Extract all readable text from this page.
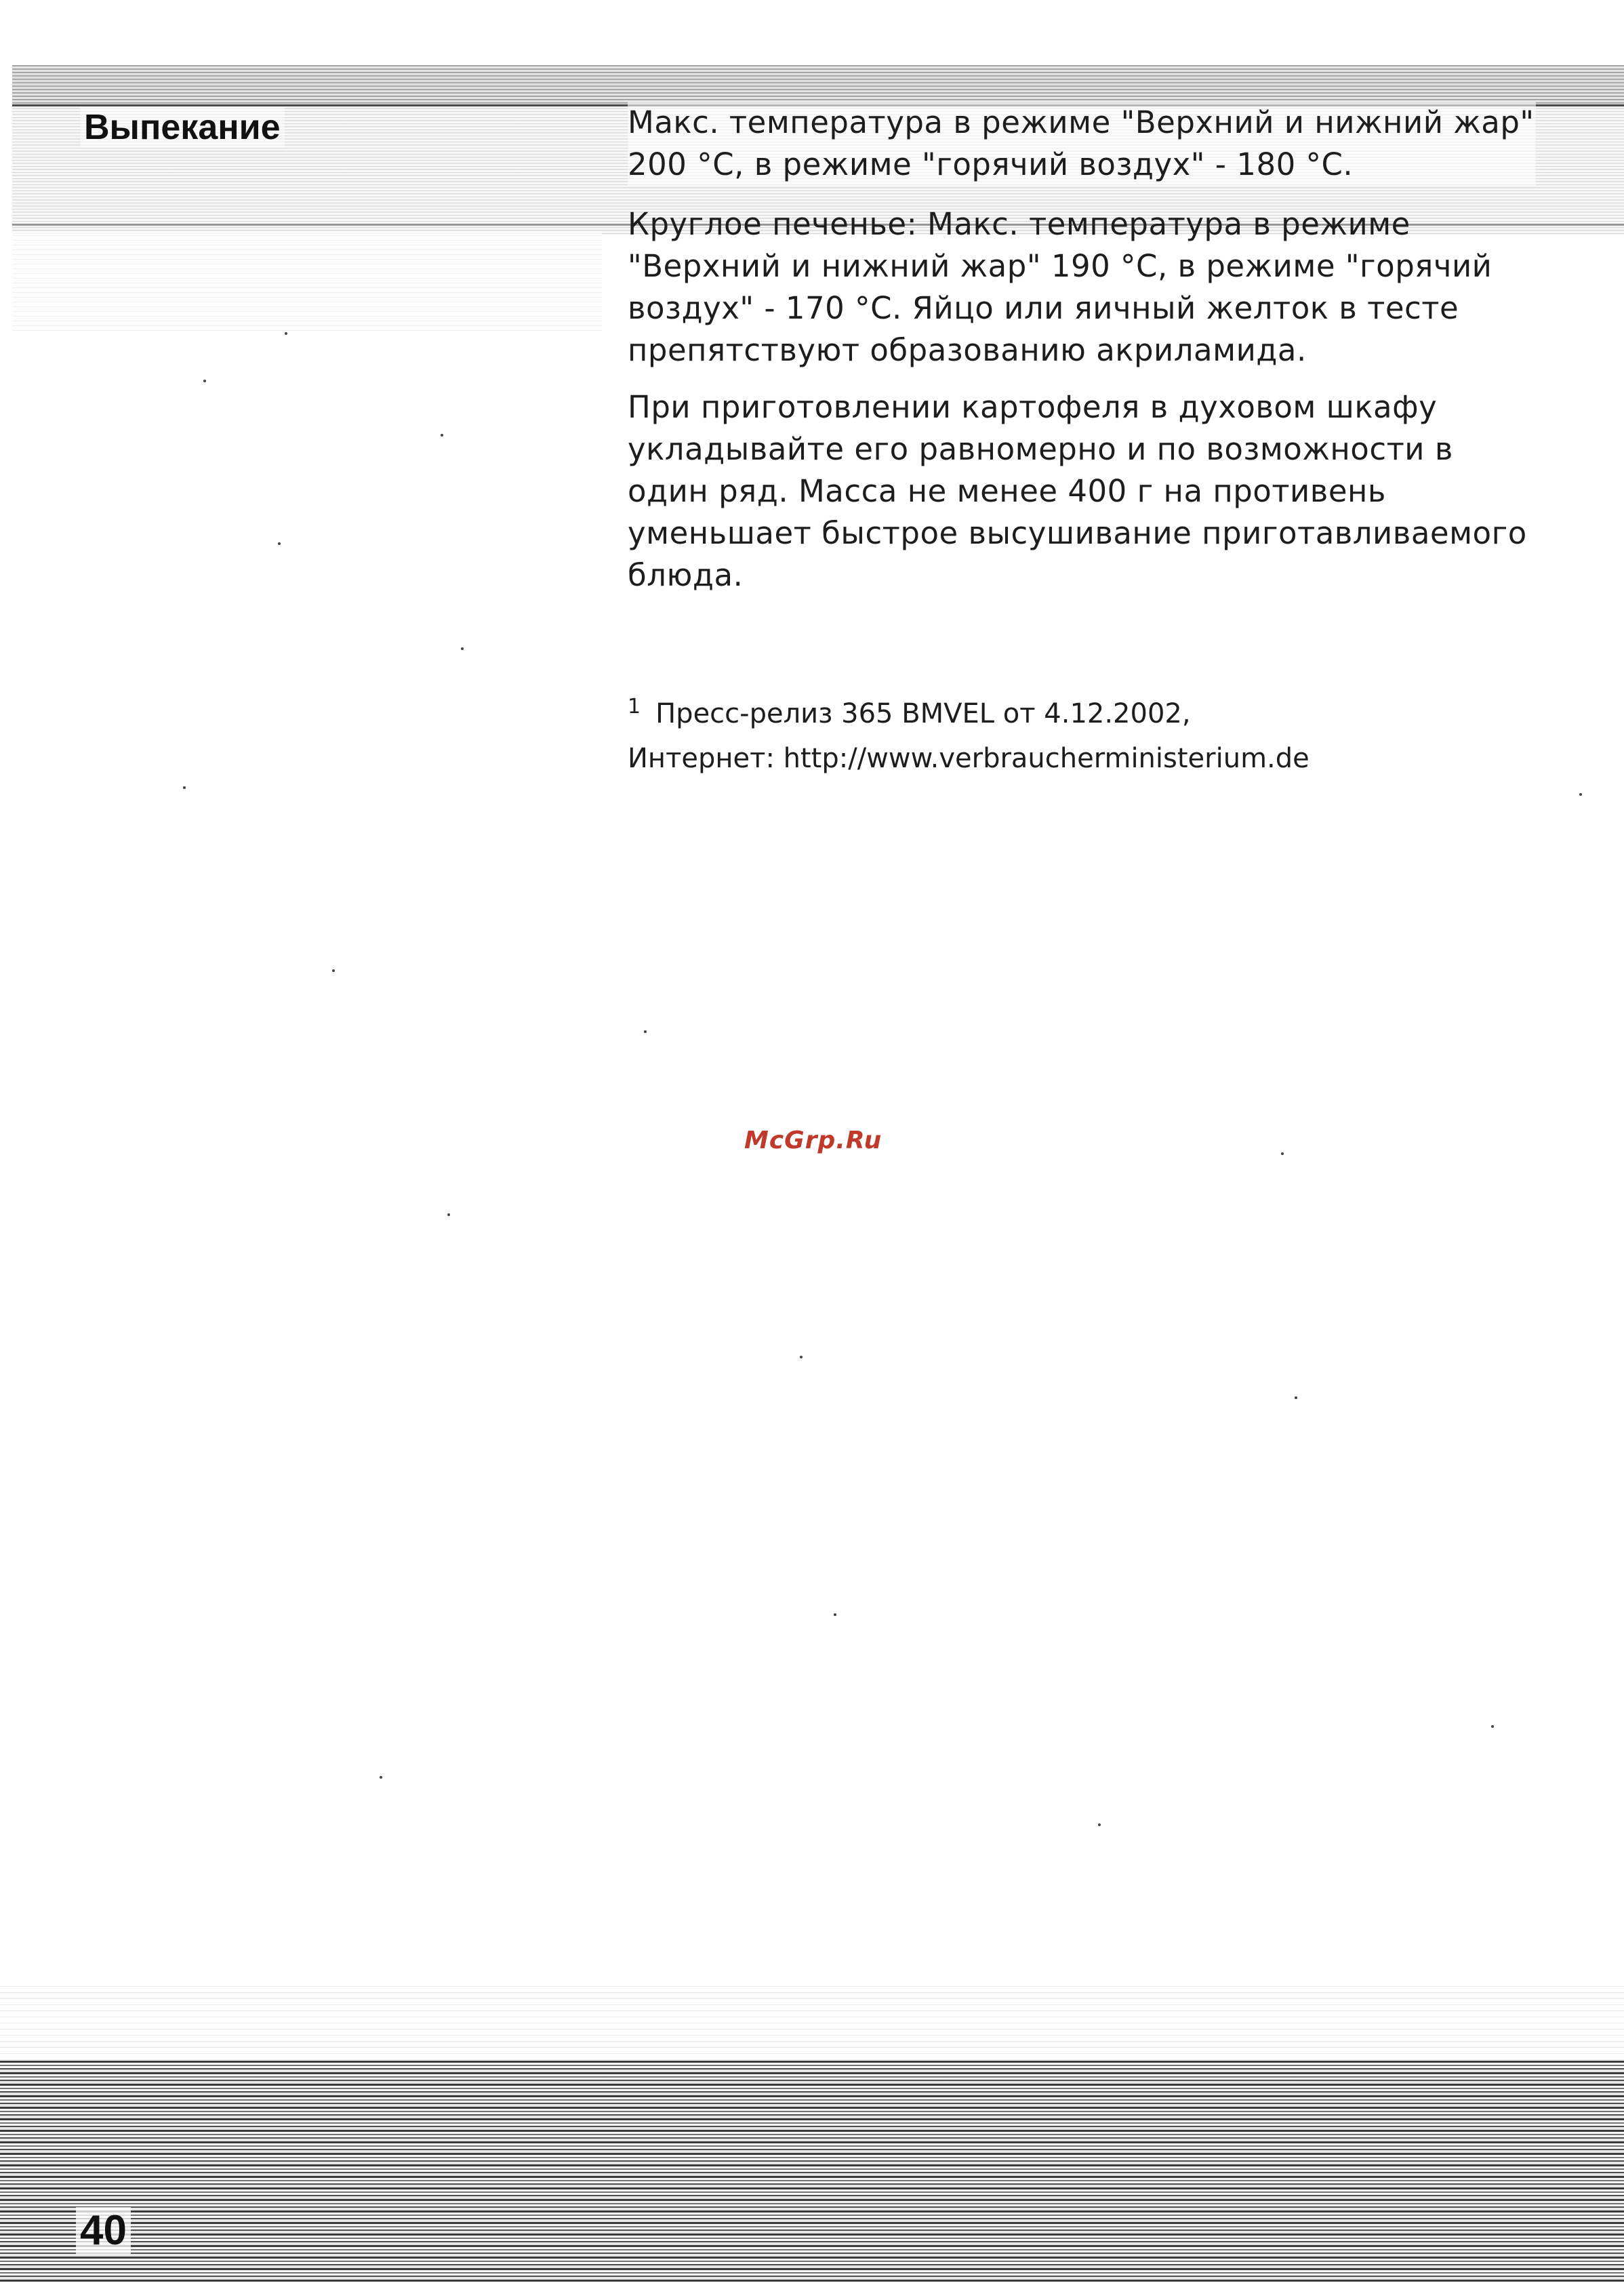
Выпекание	Макс. температура в режиме "Верхний и нижний жар" 200 °С, в режиме "горячий воздух" - 180 °С.

Круглое печенье: Макс. температура в режиме "Верхний и нижний жар" 190 °С, в режиме "горячий воздух" - 170 °С. Яйцо или яичный желток в тесте препятствуют образованию акриламида.

При приготовлении картофеля в духовом шкафу укладывайте его равномерно и по возможности в один ряд. Масса не менее 400 г на противень уменьшает быстрое высушивание приготавливаемого блюда.

$^1$ Пресс-релиз 365 BMVEL от 4.12.2002,
Интернет: http://www.verbraucherministerium.de
McGrp.Ru
40
